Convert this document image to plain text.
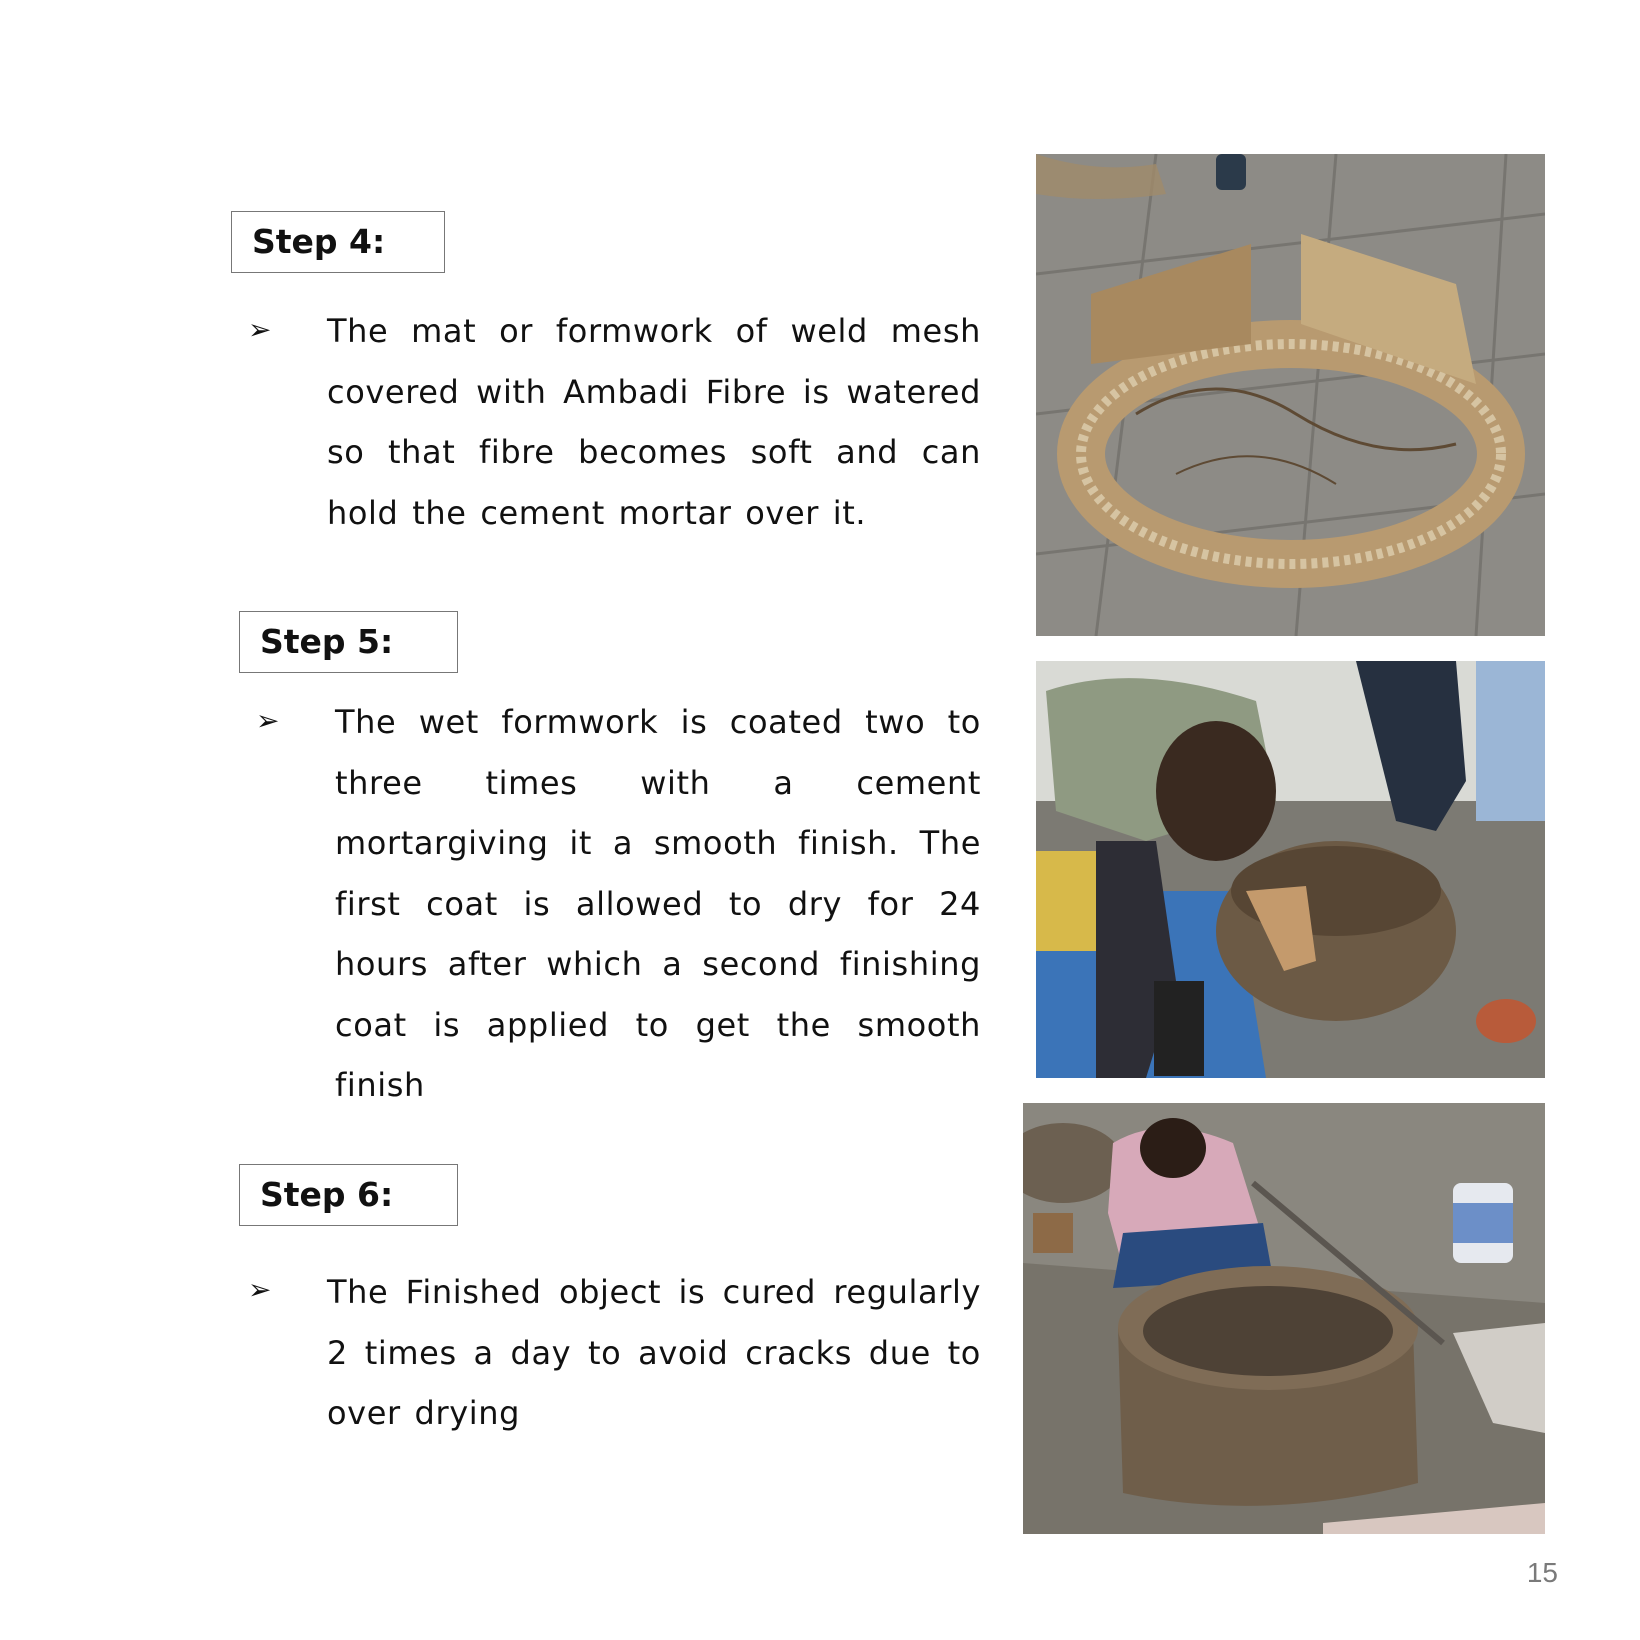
Step 4:
➢ The mat or formwork of weld mesh covered with Ambadi Fibre is watered so that fibre becomes soft and can hold the cement mortar over it.
Step 5:
➢ The wet formwork is coated two to three times with a cement mortargiving it a smooth finish. The first coat is allowed to dry for 24 hours after which a second finishing coat is applied to get the smooth finish
Step 6:
➢ The Finished object is cured regularly 2 times a day to avoid cracks due to over drying
15
